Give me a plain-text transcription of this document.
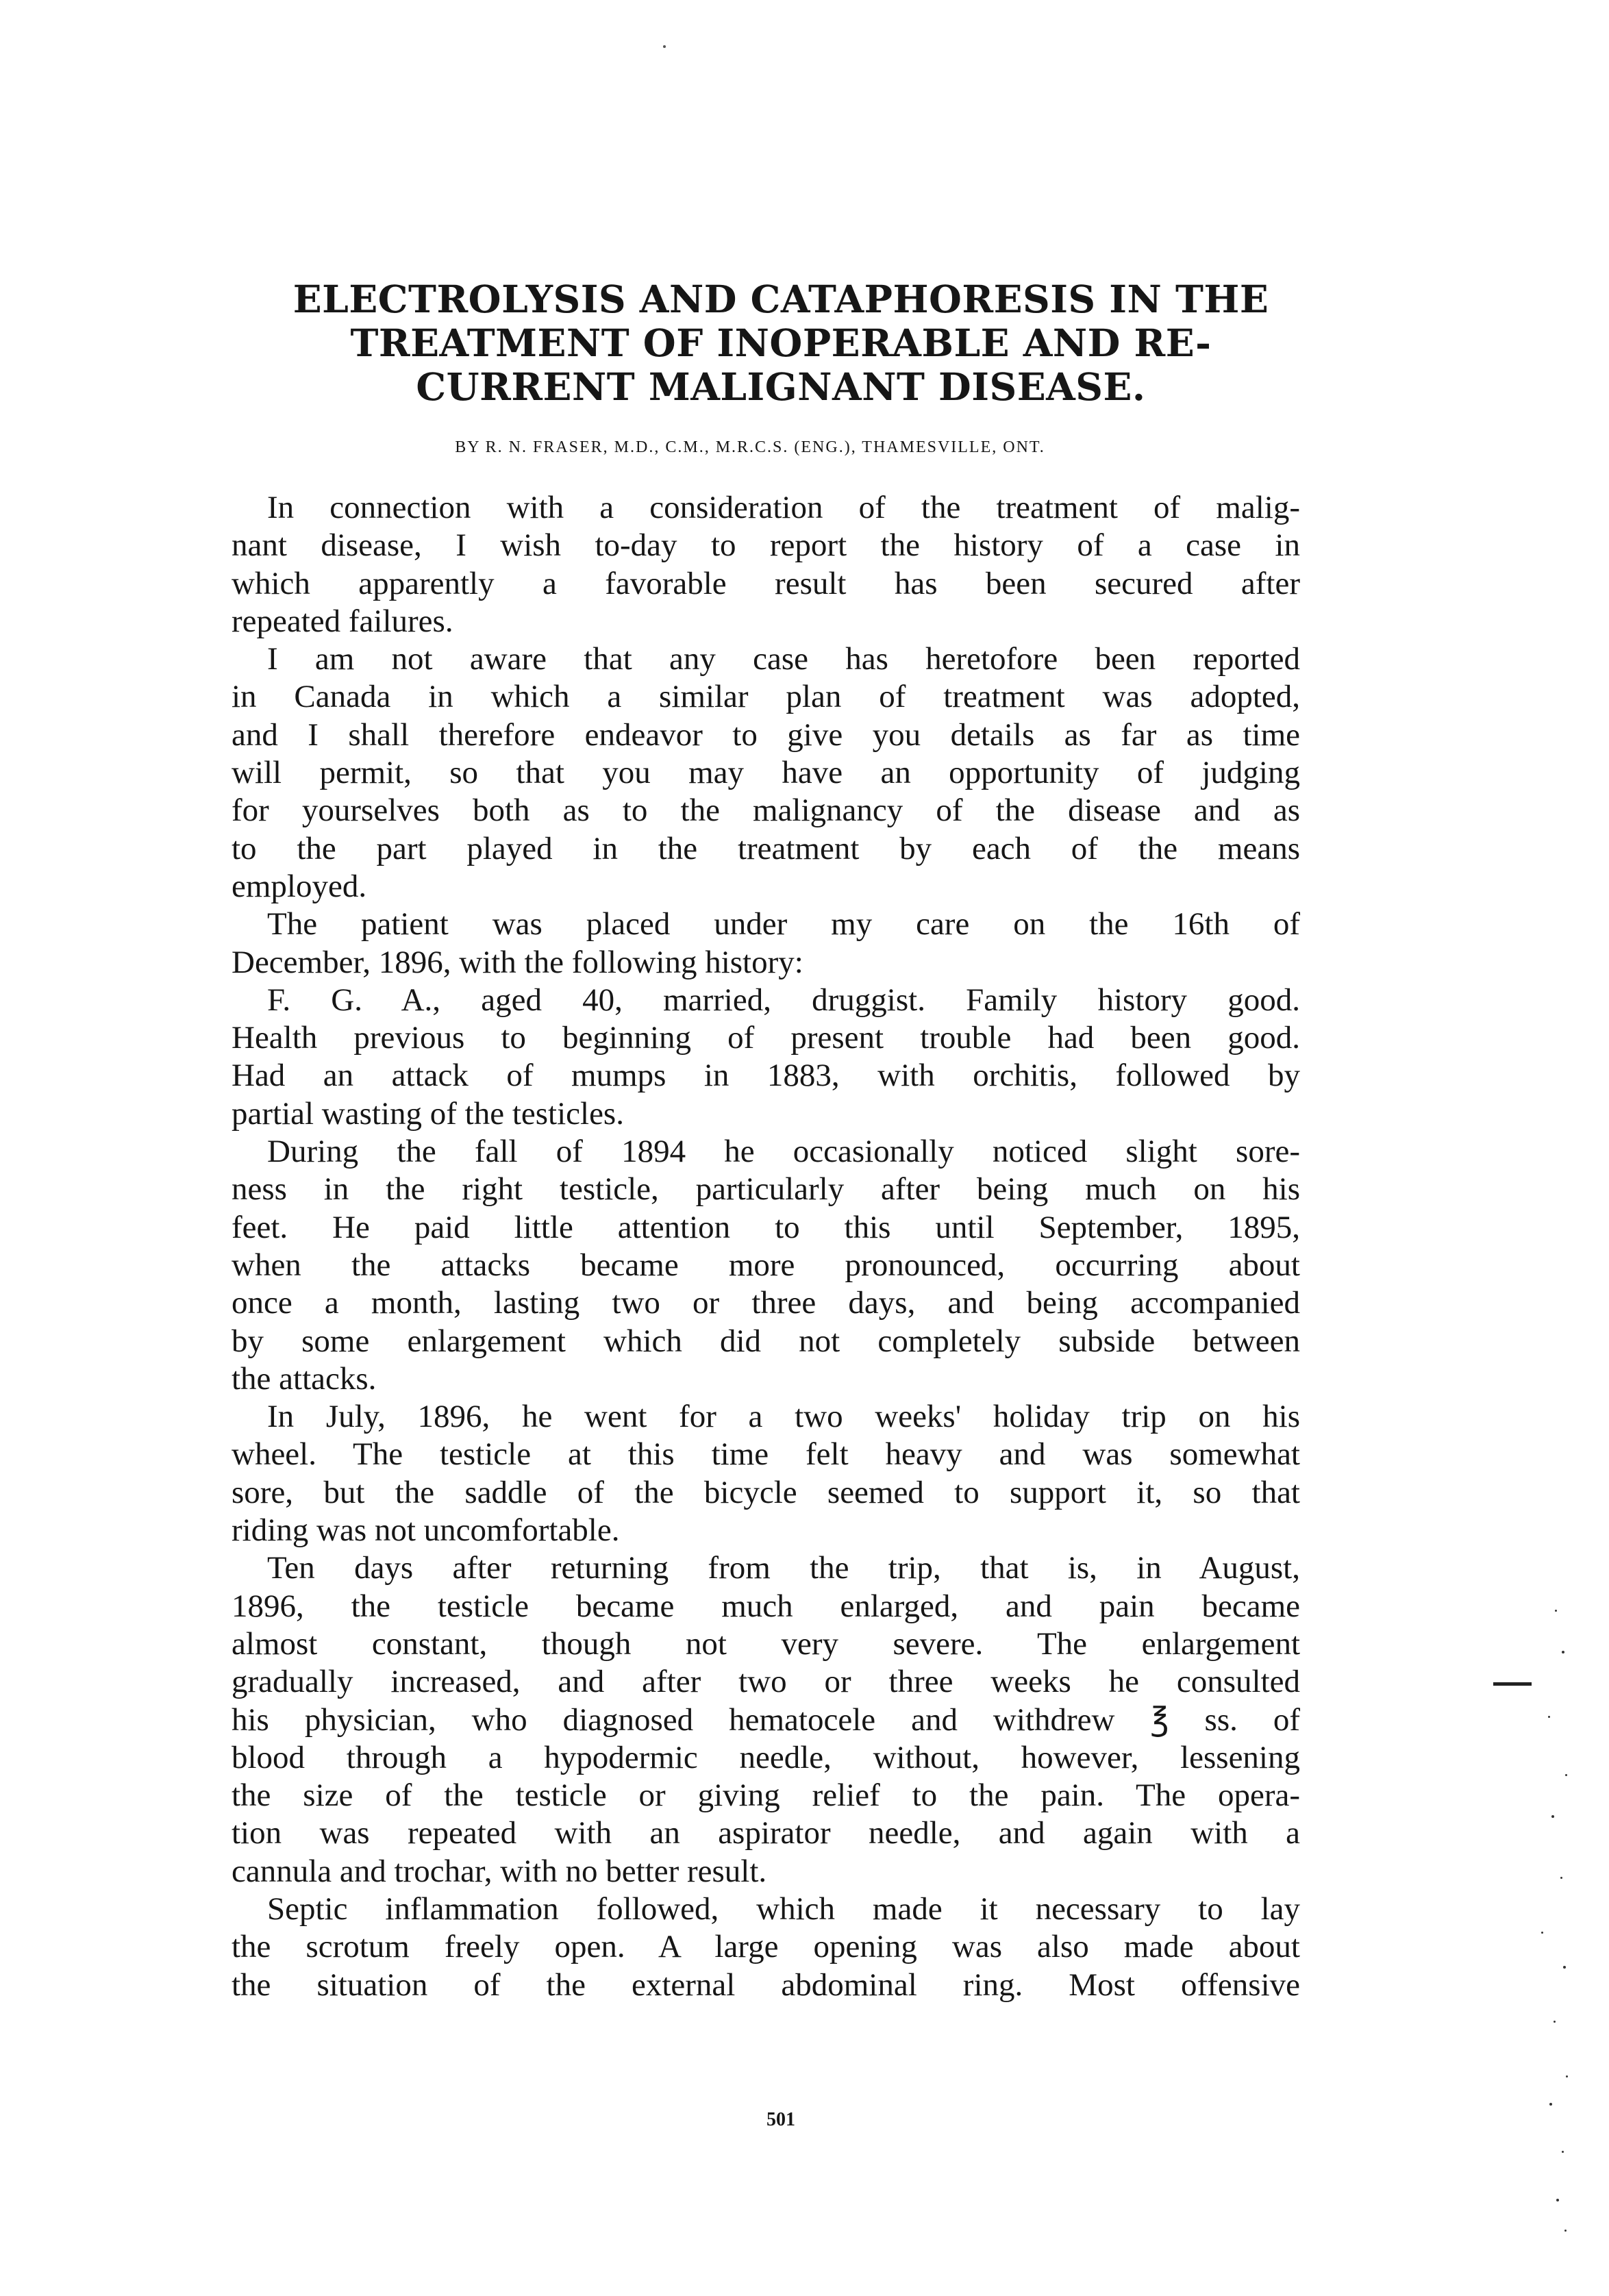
ELECTROLYSIS AND CATAPHORESIS IN THE
TREATMENT OF INOPERABLE AND RE-
CURRENT MALIGNANT DISEASE.
BY R. N. FRASER, M.D., C.M., M.R.C.S. (ENG.), THAMESVILLE, ONT.
In connection with a consideration of the treatment of malig-
nant disease, I wish to-day to report the history of a case in
which apparently a favorable result has been secured after
repeated failures.
I am not aware that any case has heretofore been reported
in Canada in which a similar plan of treatment was adopted,
and I shall therefore endeavor to give you details as far as time
will permit, so that you may have an opportunity of judging
for yourselves both as to the malignancy of the disease and as
to the part played in the treatment by each of the means
employed.
The patient was placed under my care on the 16th of
December, 1896, with the following history:
F. G. A., aged 40, married, druggist. Family history good.
Health previous to beginning of present trouble had been good.
Had an attack of mumps in 1883, with orchitis, followed by
partial wasting of the testicles.
During the fall of 1894 he occasionally noticed slight sore-
ness in the right testicle, particularly after being much on his
feet. He paid little attention to this until September, 1895,
when the attacks became more pronounced, occurring about
once a month, lasting two or three days, and being accompanied
by some enlargement which did not completely subside between
the attacks.
In July, 1896, he went for a two weeks' holiday trip on his
wheel. The testicle at this time felt heavy and was somewhat
sore, but the saddle of the bicycle seemed to support it, so that
riding was not uncomfortable.
Ten days after returning from the trip, that is, in August,
1896, the testicle became much enlarged, and pain became
almost constant, though not very severe. The enlargement
gradually increased, and after two or three weeks he consulted
his physician, who diagnosed hematocele and withdrew ℥ ss. of
blood through a hypodermic needle, without, however, lessening
the size of the testicle or giving relief to the pain. The opera-
tion was repeated with an aspirator needle, and again with a
cannula and trochar, with no better result.
Septic inflammation followed, which made it necessary to lay
the scrotum freely open. A large opening was also made about
the situation of the external abdominal ring. Most offensive
501
